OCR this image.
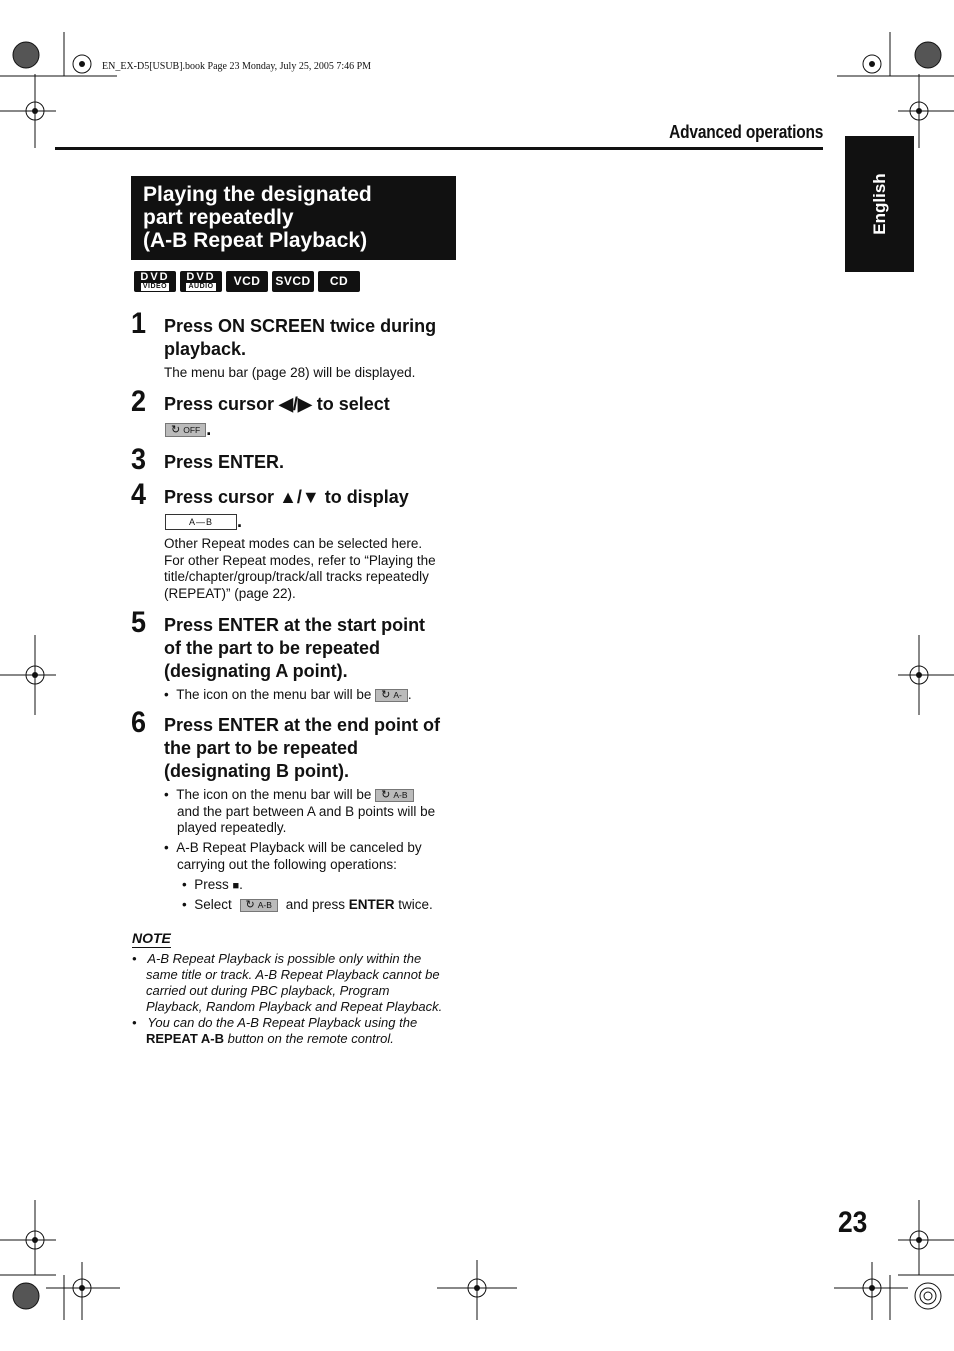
EN_EX-D5[USUB].book Page 23 Monday, July 25, 2005 7:46 PM
Advanced operations
English
Playing the designated
part repeatedly
(A-B Repeat Playback)
DVD
VIDEO
DVD
AUDIO VCD SVCD CD
1 Press ON SCREEN twice during
playback.
The menu bar (page 28) will be displayed.
2 Press cursor ◀/▶ to select
↻ OFF .
3 Press ENTER.
4 Press cursor ▲/▼ to display
A—B .
Other Repeat modes can be selected here.
For other Repeat modes, refer to “Playing the
title/chapter/group/track/all tracks repeatedly
(REPEAT)” (page 22).
5 Press ENTER at the start point
of the part to be repeated
(designating A point).
•  The icon on the menu bar will be ↻ A- .
6 Press ENTER at the end point of
the part to be repeated
(designating B point).
•  The icon on the menu bar will be ↻ A-B
and the part between A and B points will be
played repeatedly.
•  A-B Repeat Playback will be canceled by
carrying out the following operations:
•  Press ■.
•  Select ↻ A-B and press ENTER twice.
NOTE
•   A-B Repeat Playback is possible only within the
same title or track. A-B Repeat Playback cannot be
carried out during PBC playback, Program
Playback, Random Playback and Repeat Playback.
•   You can do the A-B Repeat Playback using the
REPEAT A-B button on the remote control.
23
